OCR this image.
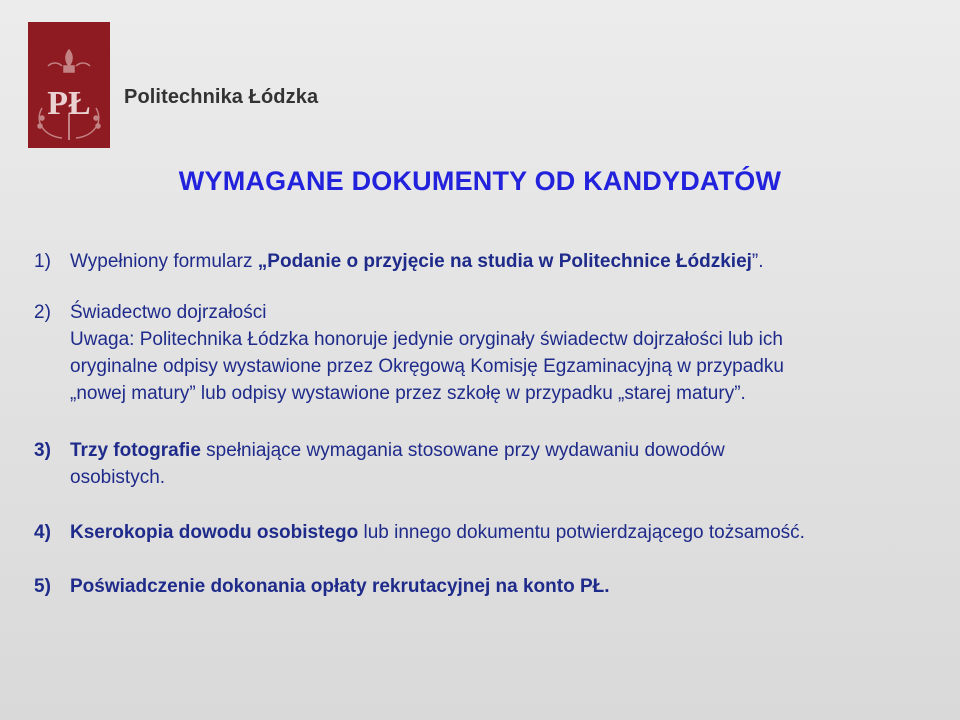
PŁ Politechnika Łódzka
WYMAGANE DOKUMENTY OD KANDYDATÓW
1) Wypełniony formularz „Podanie o przyjęcie na studia w Politechnice Łódzkiej”.
2) Świadectwo dojrzałości
Uwaga: Politechnika Łódzka honoruje jedynie oryginały świadectw dojrzałości lub ich
oryginalne odpisy wystawione przez Okręgową Komisję Egzaminacyjną w przypadku
„nowej matury” lub odpisy wystawione przez szkołę w przypadku „starej matury”.
3) Trzy fotografie spełniające wymagania stosowane przy wydawaniu dowodów
osobistych.
4) Kserokopia dowodu osobistego lub innego dokumentu potwierdzającego tożsamość.
5) Poświadczenie dokonania opłaty rekrutacyjnej na konto PŁ.
